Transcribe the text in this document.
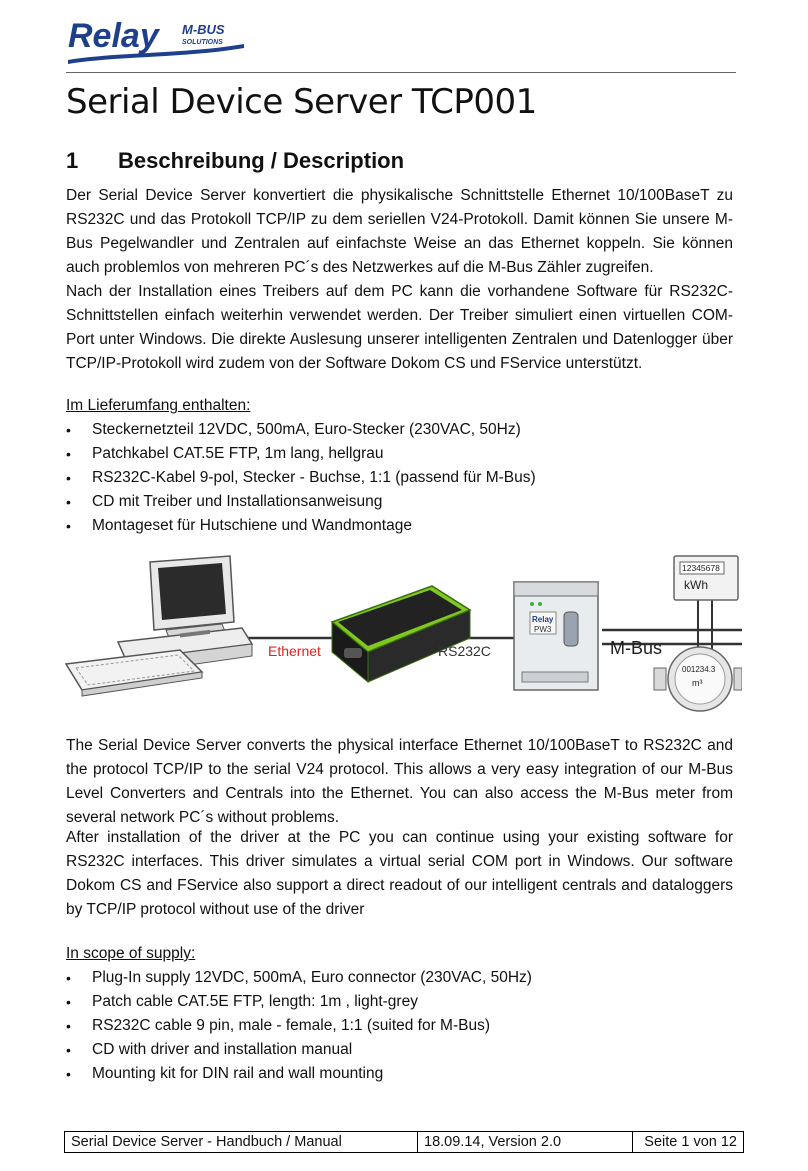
Relay M-BUS
SOLUTIONS
Serial Device Server TCP001
1 Beschreibung / Description

Der Serial Device Server konvertiert die physikalische Schnittstelle Ethernet 10/100BaseT zu RS232C und das Protokoll TCP/IP zu dem seriellen V24-Protokoll. Damit können Sie unsere M-Bus Pegelwandler und Zentralen auf einfachste Weise an das Ethernet koppeln. Sie können auch problemlos von mehreren PC´s des Netzwerkes auf die M-Bus Zähler zugreifen.

Nach der Installation eines Treibers auf dem PC kann die vorhandene Software für RS232C-Schnittstellen einfach weiterhin verwendet werden. Der Treiber simuliert einen virtuellen COM-Port unter Windows. Die direkte Auslesung unserer intelligenten Zentralen und Datenlogger über TCP/IP-Protokoll wird zudem von der Software Dokom CS und FService unterstützt.

Im Lieferumfang enthalten:

• Steckernetzteil 12VDC, 500mA, Euro-Stecker (230VAC, 50Hz)
• Patchkabel CAT.5E FTP, 1m lang, hellgrau
• RS232C-Kabel 9-pol, Stecker - Buchse, 1:1 (passend für M-Bus)
• CD mit Treiber und Installationsanweisung
• Montageset für Hutschiene und Wandmontage
Relay
PW3
12345678
kWh
001234.3
m³
Ethernet	RS232C	M-Bus

The Serial Device Server converts the physical interface Ethernet 10/100BaseT to RS232C and the protocol TCP/IP to the serial V24 protocol. This allows a very easy integration of our M-Bus Level Converters and Centrals into the Ethernet. You can also access the M-Bus meter from several network PC´s without problems.

After installation of the driver at the PC you can continue using your existing software for RS232C interfaces. This driver simulates a virtual serial COM port in Windows. Our software Dokom CS and FService also support a direct readout of our intelligent centrals and dataloggers by TCP/IP protocol without use of the driver

In scope of supply:

• Plug-In supply 12VDC, 500mA, Euro connector (230VAC, 50Hz)
• Patch cable CAT.5E FTP, length: 1m , light-grey
• RS232C cable 9 pin, male - female, 1:1 (suited for M-Bus)
• CD with driver and installation manual
• Mounting kit for DIN rail and wall mounting
Serial Device Server - Handbuch / Manual	18.09.14, Version 2.0	Seite 1 von 12
